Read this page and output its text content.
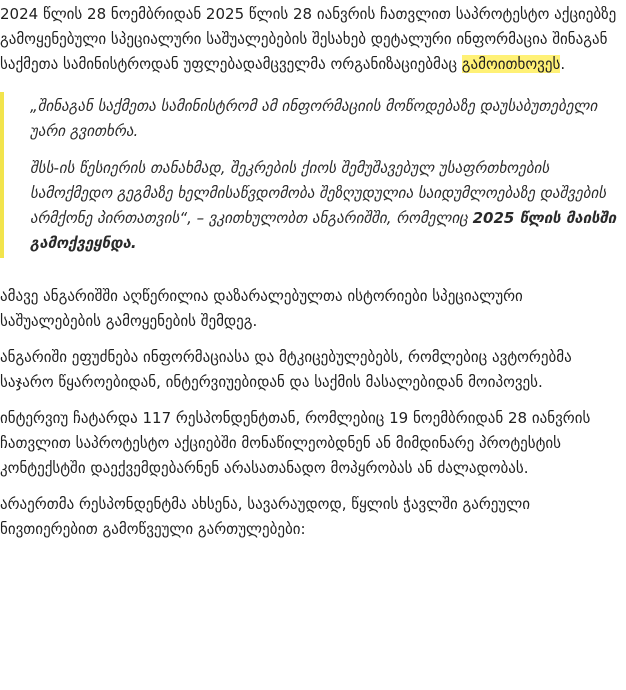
2024 წლის 28 ნოემბრიდან 2025 წლის 28 იანვრის ჩათვლით საპროტესტო აქციებზე გამოყენებული სპეციალური საშუალებების შესახებ დეტალური ინფორმაცია შინაგან საქმეთა სამინისტროდან უფლებადამცველმა ორგანიზაციებმაც გამოითხოვეს.

„შინაგან საქმეთა სამინისტრომ ამ ინფორმაციის მოწოდებაზე დაუსაბუთებელი უარი გვითხრა.

შსს-ის წესიერის თანახმად, შეკრების ქიოს შემუშავებულ უსაფრთხოების სამოქმედო გეგმაზე ხელმისაწვდომობა შეზღუდულია საიდუმლოებაზე დაშვების არმქონე პირთათვის“, – ვკითხულობთ ანგარიშში, რომელიც 2025 წლის მაისში გამოქვეყნდა.

ამავე ანგარიშში აღწერილია დაზარალებულთა ისტორიები სპეციალური საშუალებების გამოყენების შემდეგ.

ანგარიში ეფუძნება ინფორმაციასა და მტკიცებულებებს, რომლებიც ავტორებმა საჯარო წყაროებიდან, ინტერვიუებიდან და საქმის მასალებიდან მოიპოვეს.

ინტერვიუ ჩატარდა 117 რესპონდენტთან, რომლებიც 19 ნოემბრიდან 28 იანვრის ჩათვლით საპროტესტო აქციებში მონაწილეობდნენ ან მიმდინარე პროტესტის კონტექსტში დაექვემდებარნენ არასათანადო მოპყრობას ან ძალადობას.

არაერთმა რესპონდენტმა ახსენა, სავარაუდოდ, წყლის ჭავლში გარეული ნივთიერებით გამოწვეული გართულებები:
